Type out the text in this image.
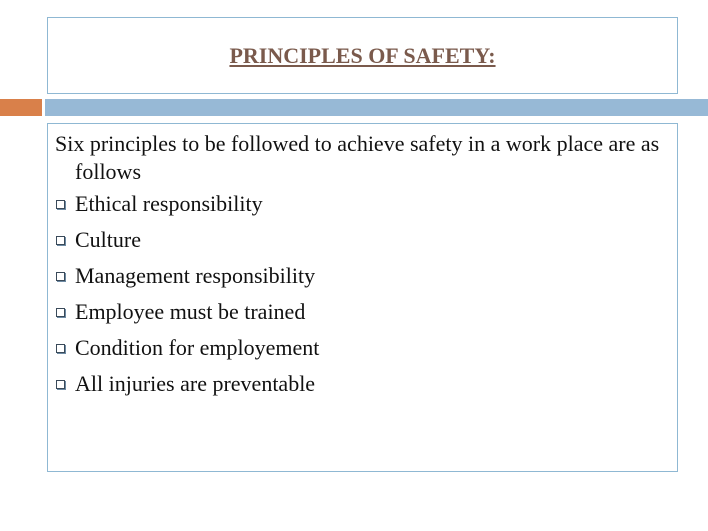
PRINCIPLES OF SAFETY:

Six principles to be followed to achieve safety in a work place are as follows

Ethical responsibility
Culture
Management responsibility
Employee must be trained
Condition for employement
All injuries are preventable
